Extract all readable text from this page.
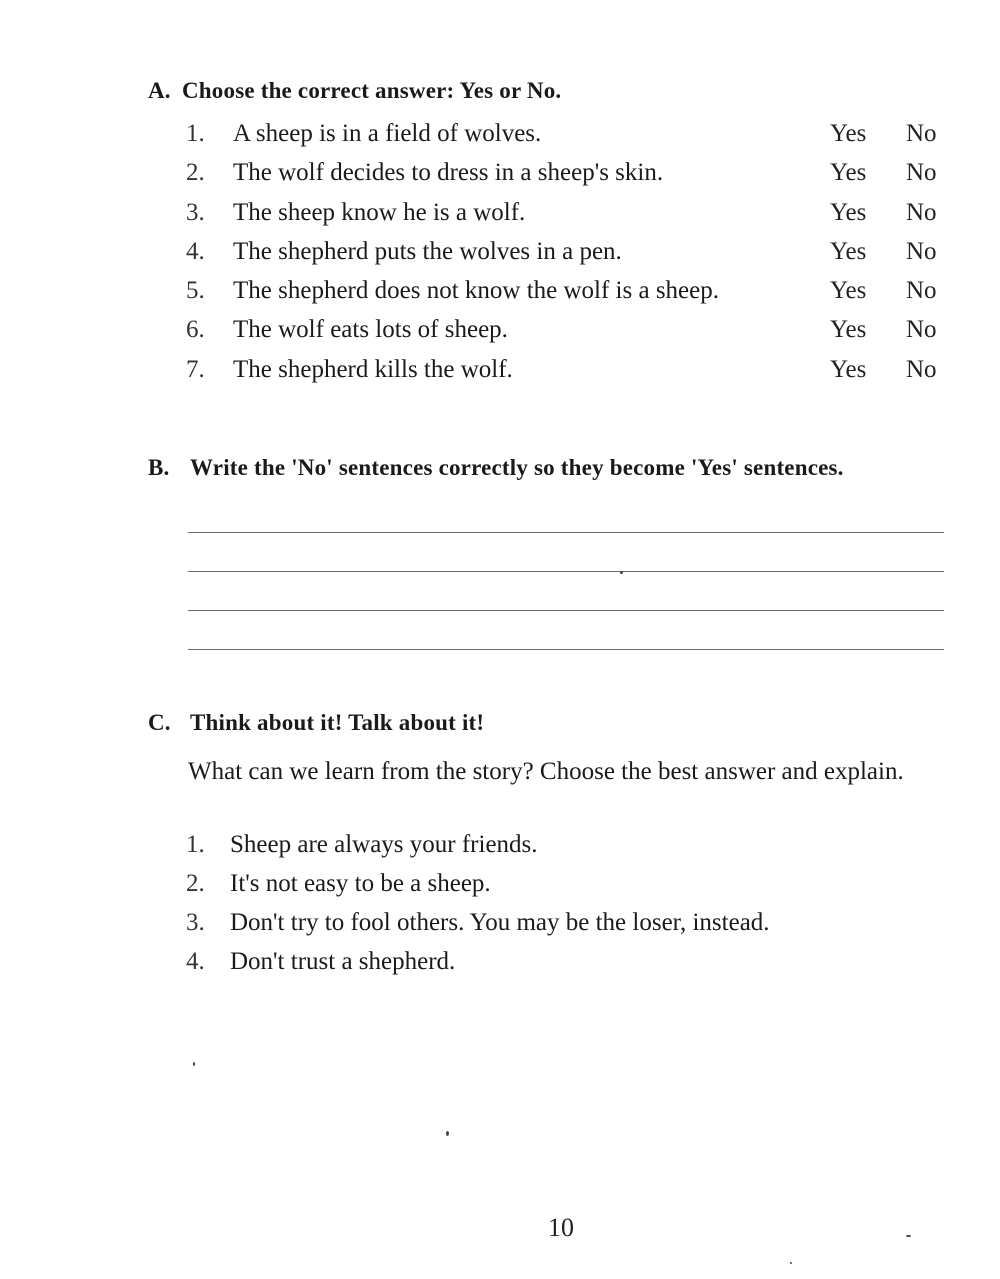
A. Choose the correct answer: Yes or No.
1.	A sheep is in a field of wolves.	Yes No
2.	The wolf decides to dress in a sheep's skin.	Yes No
3.	The sheep know he is a wolf.	Yes No
4.	The shepherd puts the wolves in a pen.	Yes No
5.	The shepherd does not know the wolf is a sheep.	Yes No
6.	The wolf eats lots of sheep.	Yes No
7.	The shepherd kills the wolf.	Yes No
B. Write the 'No' sentences correctly so they become 'Yes' sentences.
C. Think about it! Talk about it!
What can we learn from the story? Choose the best answer and explain.
1. Sheep are always your friends.
2. It's not easy to be a sheep.
3. Don't try to fool others. You may be the loser, instead.
4. Don't trust a shepherd.
10
